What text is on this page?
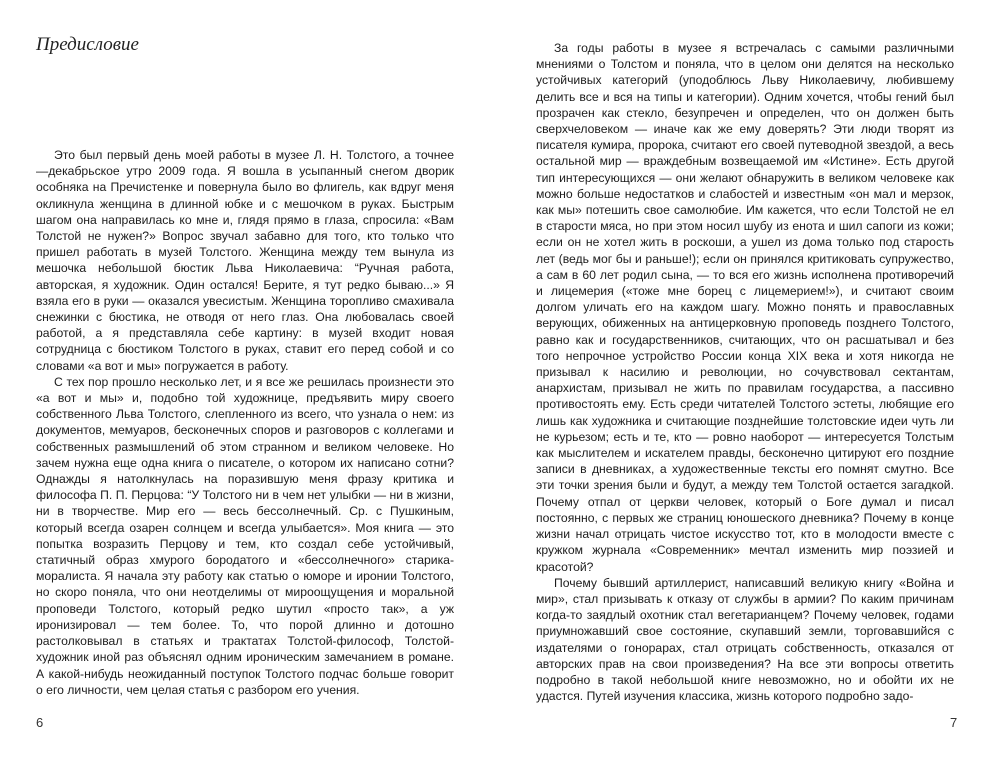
Предисловие

Это был первый день моей работы в музее Л. Н. Толстого, а точнее —декабрьское утро 2009 года. Я вошла в усыпанный снегом дворик особняка на Пречистенке и повернула было во флигель, как вдруг меня окликнула женщина в длинной юбке и с мешочком в руках. Быстрым шагом она направилась ко мне и, глядя прямо в глаза, спросила: «Вам Толстой не нужен?» Вопрос звучал забавно для того, кто только что пришел работать в музей Толстого. Женщина между тем вынула из мешочка небольшой бюстик Льва Николаевича: “Ручная работа, авторская, я художник. Один остался! Берите, я тут редко бываю...» Я взяла его в руки — оказался увесистым. Женщина торопливо смахивала снежинки с бюстика, не отводя от него глаз. Она любовалась своей работой, а я представляла себе картину: в музей входит новая сотрудница с бюстиком Толстого в руках, ставит его перед собой и со словами «а вот и мы» погружается в работу.

С тех пор прошло несколько лет, и я все же решилась произнести это «а вот и мы» и, подобно той художнице, предъявить миру своего собственного Льва Толстого, слепленного из всего, что узнала о нем: из документов, мемуаров, бесконечных споров и разговоров с коллегами и собственных размышлений об этом странном и великом человеке. Но зачем нужна еще одна книга о писателе, о котором их написано сотни? Однажды я натолкнулась на поразившую меня фразу критика и философа П. П. Перцова: “У Толстого ни в чем нет улыбки — ни в жизни, ни в творчестве. Мир его — весь бессолнечный. Ср. с Пушкиным, который всегда озарен солнцем и всегда улыбается». Моя книга — это попытка возразить Перцову и тем, кто создал себе устойчивый, статичный образ хмурого бородатого и «бессолнечного» старика-моралиста. Я начала эту работу как статью о юморе и иронии Толстого, но скоро поняла, что они неотделимы от мироощущения и моральной проповеди Толстого, который редко шутил «просто так», а уж иронизировал — тем более. То, что порой длинно и дотошно растолковывал в статьях и трактатах Толстой-философ, Толстой-художник иной раз объяснял одним ироническим замечанием в романе. А какой-нибудь неожиданный поступок Толстого подчас больше говорит о его личности, чем целая статья с разбором его учения.

6

За годы работы в музее я встречалась с самыми различными мнениями о Толстом и поняла, что в целом они делятся на несколько устойчивых категорий (уподоблюсь Льву Николаевичу, любившему делить все и вся на типы и категории). Одним хочется, чтобы гений был прозрачен как стекло, безупречен и определен, что он должен быть сверхчеловеком — иначе как же ему доверять? Эти люди творят из писателя кумира, пророка, считают его своей путеводной звездой, а весь остальной мир — враждебным возвещаемой им «Истине». Есть другой тип интересующихся — они желают обнаружить в великом человеке как можно больше недостатков и слабостей и известным «он мал и мерзок, как мы» потешить свое самолюбие. Им кажется, что если Толстой не ел в старости мяса, но при этом носил шубу из енота и шил сапоги из кожи; если он не хотел жить в роскоши, а ушел из дома только под старость лет (ведь мог бы и раньше!); если он принялся критиковать супружество, а сам в 60 лет родил сына, — то вся его жизнь исполнена противоречий и лицемерия («тоже мне борец с лицемерием!»), и считают своим долгом уличать его на каждом шагу. Можно понять и православных верующих, обиженных на антицерковную проповедь позднего Толстого, равно как и государственников, считающих, что он расшатывал и без того непрочное устройство России конца XIX века и хотя никогда не призывал к насилию и революции, но сочувствовал сектантам, анархистам, призывал не жить по правилам государства, а пассивно противостоять ему. Есть среди читателей Толстого эстеты, любящие его лишь как художника и считающие позднейшие толстовские идеи чуть ли не курьезом; есть и те, кто — ровно наоборот — интересуется Толстым как мыслителем и искателем правды, бесконечно цитируют его поздние записи в дневниках, а художественные тексты его помнят смутно. Все эти точки зрения были и будут, а между тем Толстой остается загадкой. Почему отпал от церкви человек, который о Боге думал и писал постоянно, с первых же страниц юношеского дневника? Почему в конце жизни начал отрицать чистое искусство тот, кто в молодости вместе с кружком журнала «Современник» мечтал изменить мир поэзией и красотой?

Почему бывший артиллерист, написавший великую книгу «Война и мир», стал призывать к отказу от службы в армии? По каким причинам когда-то заядлый охотник стал вегетарианцем? Почему человек, годами приумножавший свое состояние, скупавший земли, торговавшийся с издателями о гонорарах, стал отрицать собственность, отказался от авторских прав на свои произведения? На все эти вопросы ответить подробно в такой небольшой книге невозможно, но и обойти их не удастся. Путей изучения классика, жизнь которого подробно задо-

7
